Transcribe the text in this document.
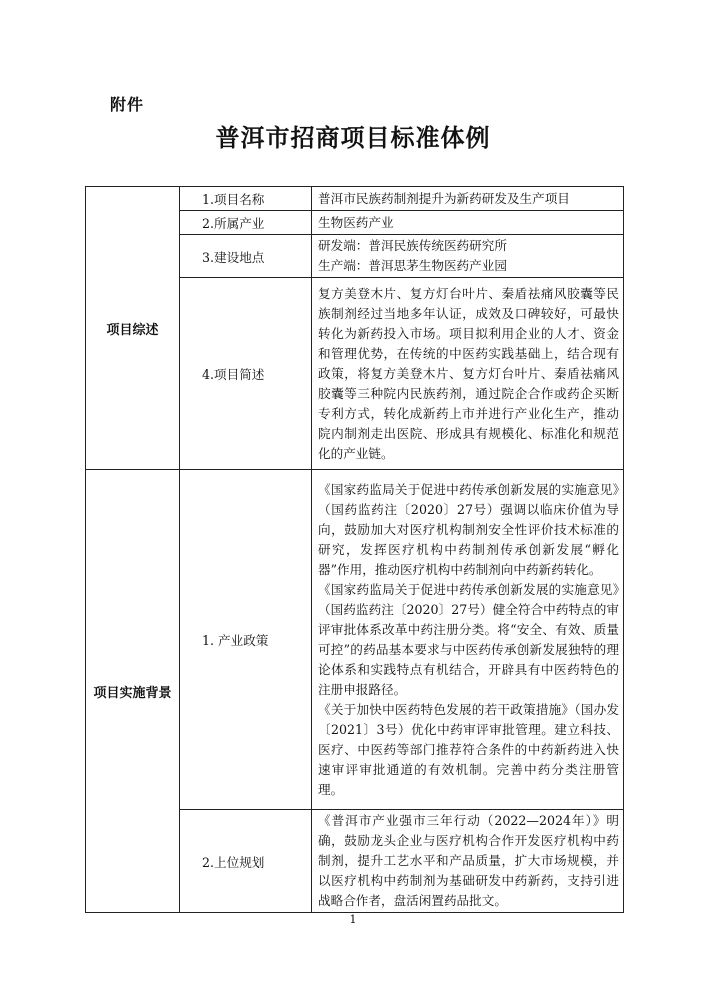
附件
普洱市招商项目标准体例
项目综述	1.项目名称	普洱市民族药制剂提升为新药研发及生产项目

	2.所属产业	生物医药产业

	3.建设地点	研发端：普洱民族传统医药研究所

生产端：普洱思茅生物医药产业园

	4.项目简述	复方美登木片、复方灯台叶片、秦盾祛痛风胶囊等民族制剂经过当地多年认证，成效及口碑较好，可最快转化为新药投入市场。项目拟利用企业的人才、资金和管理优势，在传统的中医药实践基础上，结合现有政策，将复方美登木片、复方灯台叶片、秦盾祛痛风胶囊等三种院内民族药剂，通过院企合作或药企买断专利方式，转化成新药上市并进行产业化生产，推动院内制剂走出医院、形成具有规模化、标准化和规范化的产业链。

项目实施背景	1. 产业政策	《国家药监局关于促进中药传承创新发展的实施意见》（国药监药注〔2020〕27号）强调以临床价值为导向，鼓励加大对医疗机构制剂安全性评价技术标准的研究，发挥医疗机构中药制剂传承创新发展“孵化器”作用，推动医疗机构中药制剂向中药新药转化。

《国家药监局关于促进中药传承创新发展的实施意见》（国药监药注〔2020〕27号）健全符合中药特点的审评审批体系改革中药注册分类。将“安全、有效、质量可控”的药品基本要求与中医药传承创新发展独特的理论体系和实践特点有机结合，开辟具有中医药特色的注册申报路径。

《关于加快中医药特色发展的若干政策措施》（国办发〔2021〕3号）优化中药审评审批管理。建立科技、医疗、中医药等部门推荐符合条件的中药新药进入快速审评审批通道的有效机制。完善中药分类注册管理。

	2.上位规划	《普洱市产业强市三年行动（2022—2024年）》明确，鼓励龙头企业与医疗机构合作开发医疗机构中药制剂，提升工艺水平和产品质量，扩大市场规模，并以医疗机构中药制剂为基础研发中药新药，支持引进战略合作者，盘活闲置药品批文。

1
